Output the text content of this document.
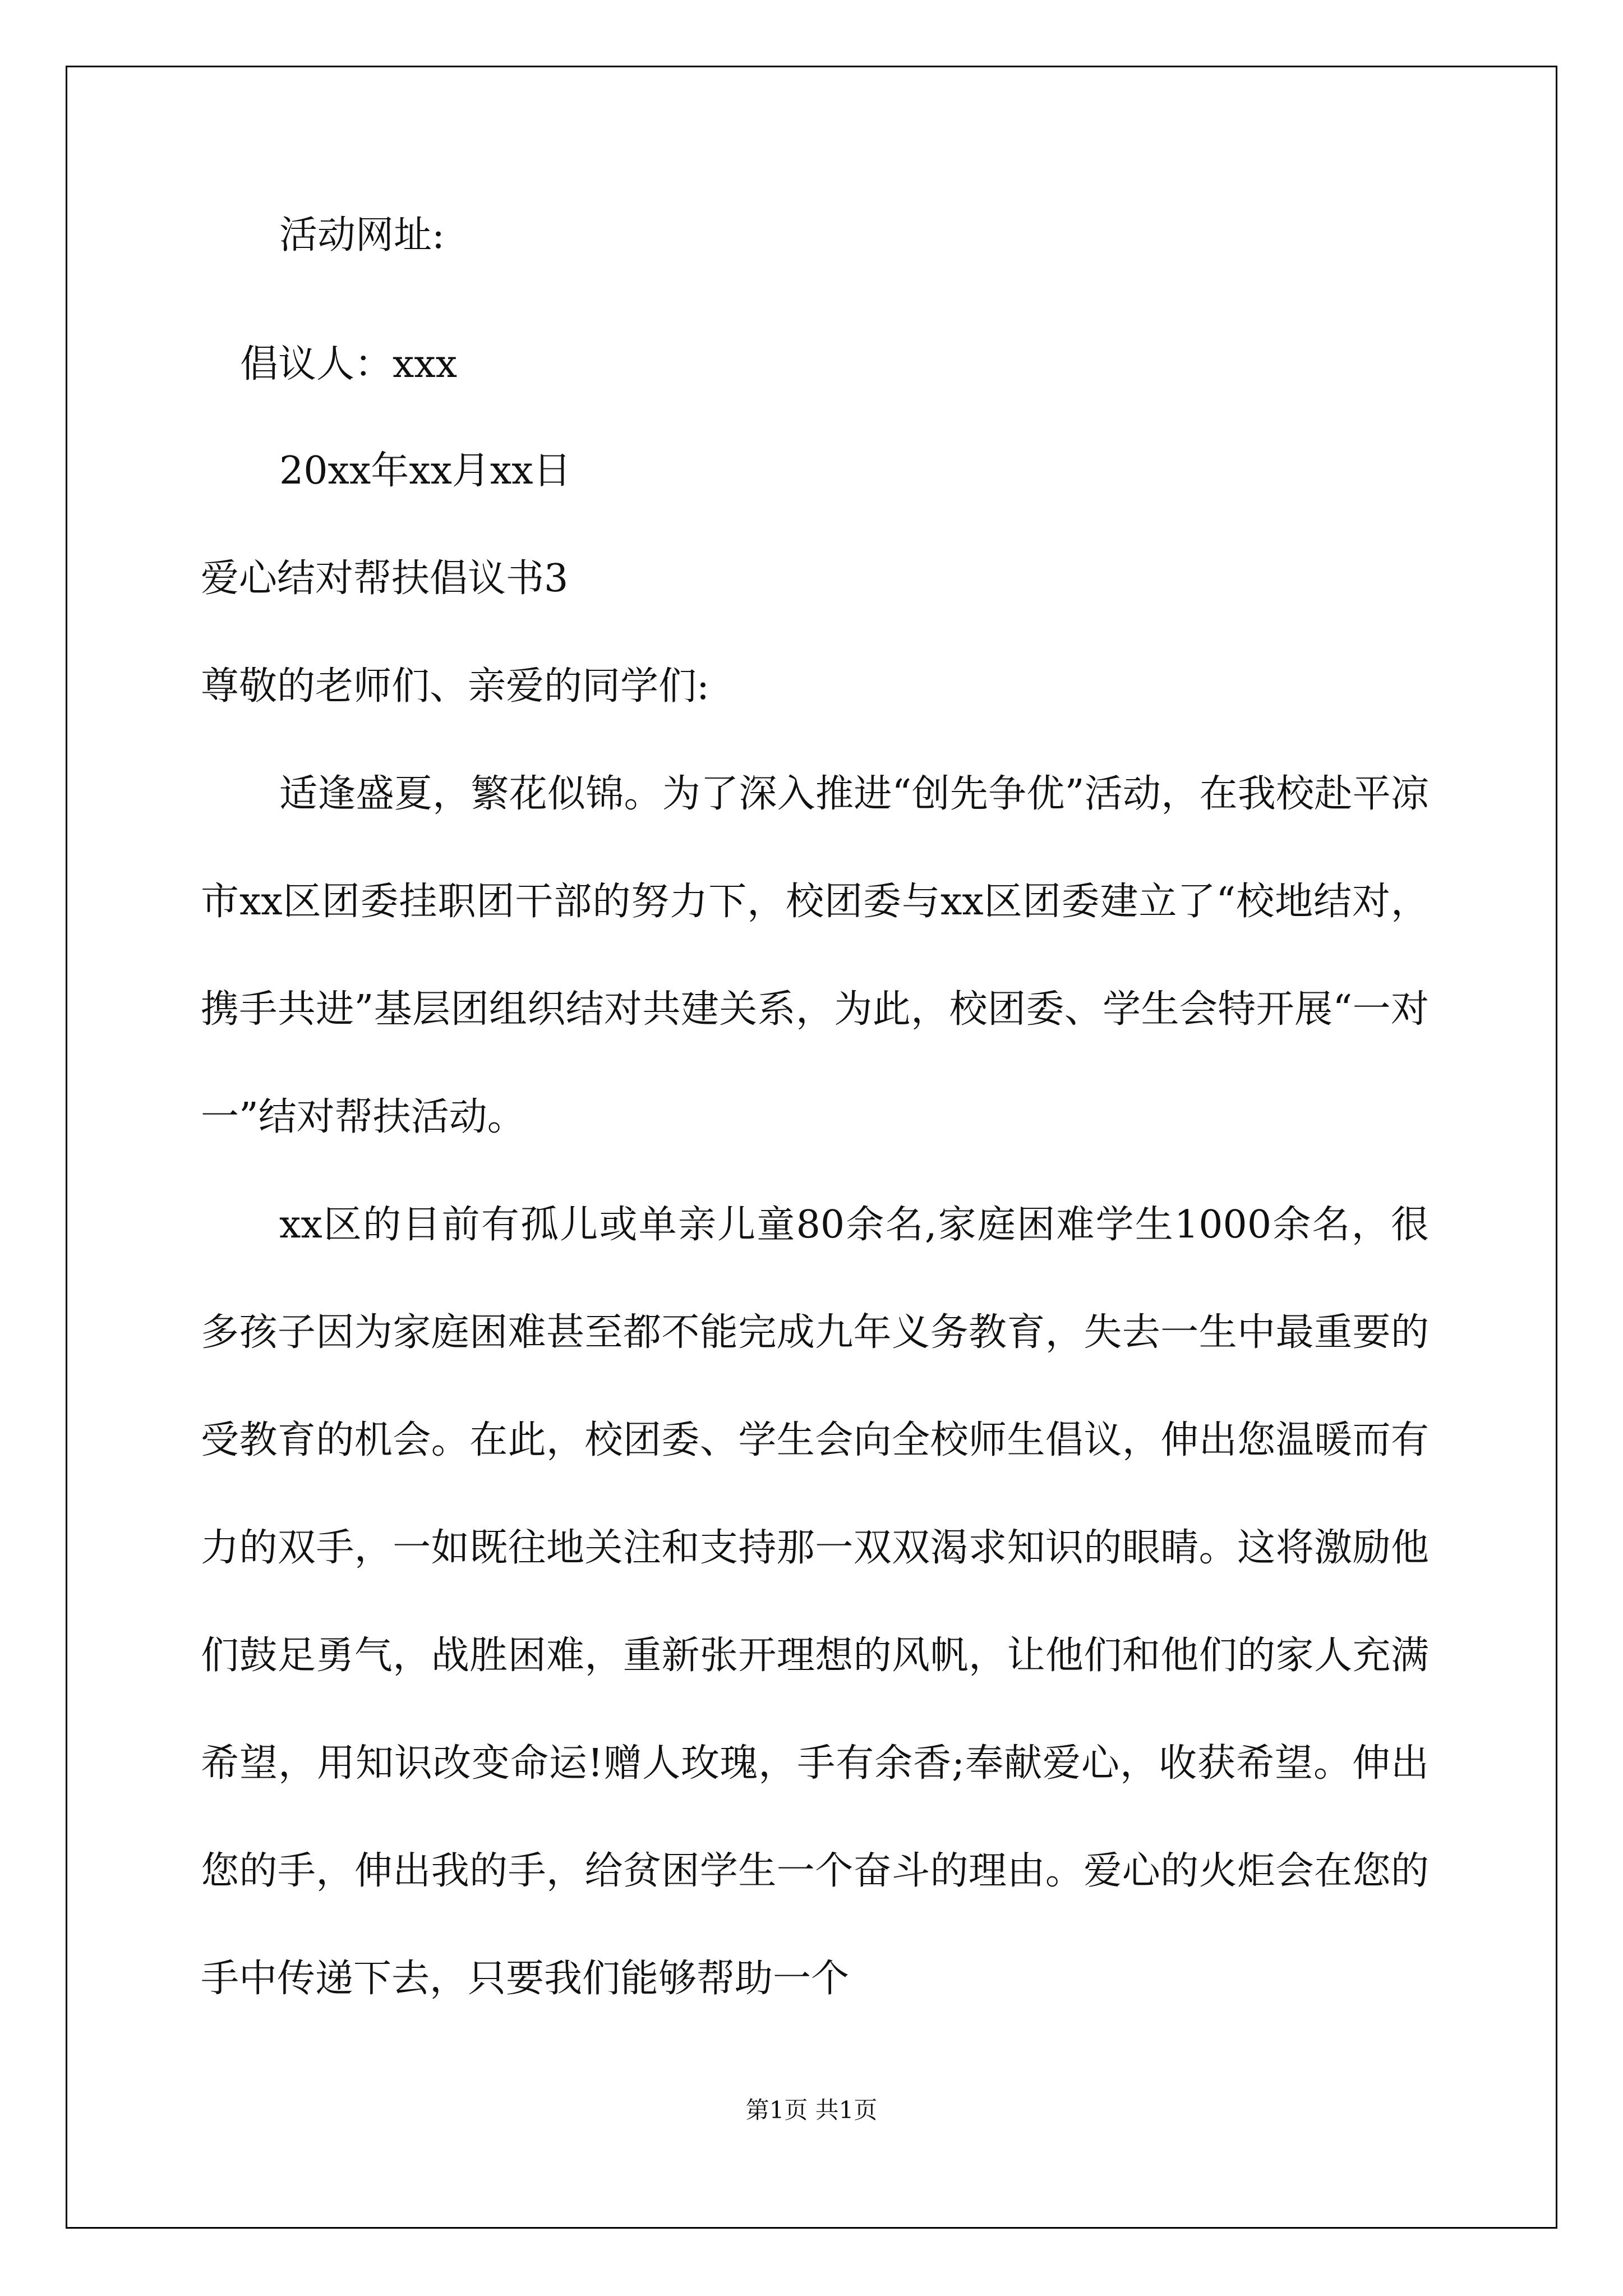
活动网址:
倡议人：xxx
20xx年xx月xx日
爱心结对帮扶倡议书3
尊敬的老师们、亲爱的同学们:
适逢盛夏，繁花似锦。为了深入推进“创先争优”活动，在我校赴平凉市xx区团委挂职团干部的努力下，校团委与xx区团委建立了“校地结对，携手共进”基层团组织结对共建关系，为此，校团委、学生会特开展“一对一”结对帮扶活动。
xx区的目前有孤儿或单亲儿童80余名,家庭困难学生1000余名，很多孩子因为家庭困难甚至都不能完成九年义务教育，失去一生中最重要的受教育的机会。在此，校团委、学生会向全校师生倡议，伸出您温暖而有力的双手，一如既往地关注和支持那一双双渴求知识的眼睛。这将激励他们鼓足勇气，战胜困难，重新张开理想的风帆，让他们和他们的家人充满希望，用知识改变命运!赠人玫瑰，手有余香;奉献爱心，收获希望。伸出您的手，伸出我的手，给贫困学生一个奋斗的理由。爱心的火炬会在您的手中传递下去，只要我们能够帮助一个
第1页 共1页
